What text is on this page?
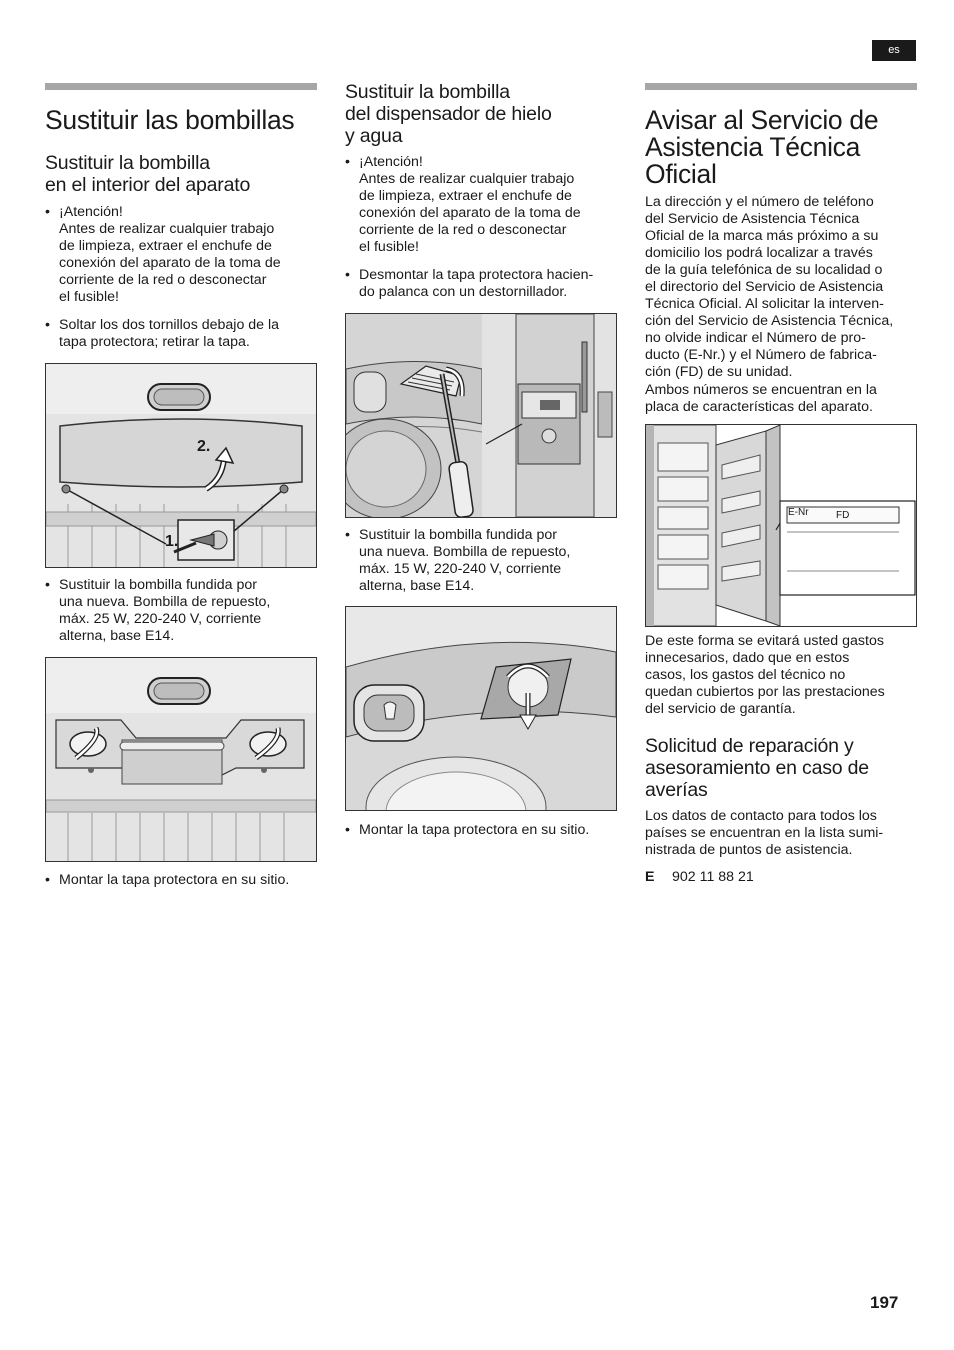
es
Sustituir las bombillas
Sustituir la bombilla
en el interior del aparato
• ¡Atención!
Antes de realizar cualquier trabajo
de limpieza, extraer el enchufe de
conexión del aparato de la toma de
corriente de la red o desconectar
el fusible!
• Soltar los dos tornillos debajo de la
tapa protectora; retirar la tapa.
2.
1.
• Sustituir la bombilla fundida por
una nueva. Bombilla de repuesto,
máx. 25 W, 220-240 V, corriente
alterna, base E14.
• Montar la tapa protectora en su sitio.
Sustituir la bombilla
del dispensador de hielo
y agua
• ¡Atención!
Antes de realizar cualquier trabajo
de limpieza, extraer el enchufe de
conexión del aparato de la toma de
corriente de la red o desconectar
el fusible!
• Desmontar la tapa protectora hacien-
do palanca con un destornillador.
• Sustituir la bombilla fundida por
una nueva. Bombilla de repuesto,
máx. 15 W, 220-240 V, corriente
alterna, base E14.
• Montar la tapa protectora en su sitio.
Avisar al Servicio de
Asistencia Técnica
Oficial
La dirección y el número de teléfono
del Servicio de Asistencia Técnica
Oficial de la marca más próximo a su
domicilio los podrá localizar a través
de la guía telefónica de su localidad o
el directorio del Servicio de Asistencia
Técnica Oficial. Al solicitar la interven-
ción del Servicio de Asistencia Técnica,
no olvide indicar el Número de pro-
ducto (E-Nr.) y el Número de fabrica-
ción (FD) de su unidad.
Ambos números se encuentran en la
placa de características del aparato.
E-Nr	FD
De este forma se evitará usted gastos
innecesarios, dado que en estos
casos, los gastos del técnico no
quedan cubiertos por las prestaciones
del servicio de garantía.
Solicitud de reparación y
asesoramiento en caso de
averías
Los datos de contacto para todos los
países se encuentran en la lista sumi-
nistrada de puntos de asistencia.
E 902 11 88 21
197
